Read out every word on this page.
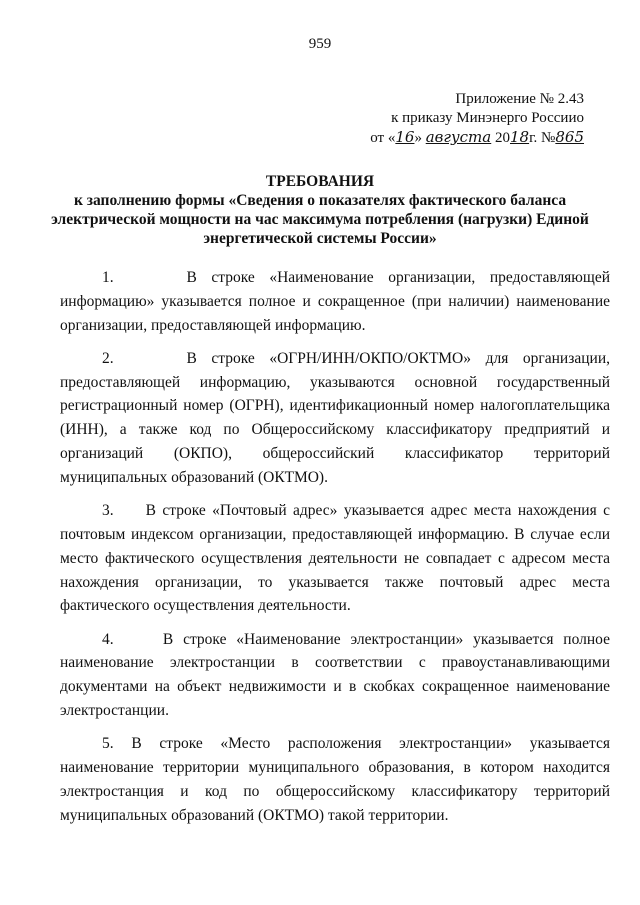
959
Приложение № 2.43
к приказу Минэнерго Россиио
от «16» августа 2018г. №865
ТРЕБОВАНИЯ
к заполнению формы «Сведения о показателях фактического баланса
электрической мощности на час максимума потребления (нагрузки) Единой
энергетической системы России»

1.     В строке «Наименование организации, предоставляющей информацию» указывается полное и сокращенное (при наличии) наименование организации, предоставляющей информацию.

2.     В строке «ОГРН/ИНН/ОКПО/ОКТМО» для организации, предоставляющей информацию, указываются основной государственный регистрационный номер (ОГРН), идентификационный номер налогоплательщика (ИНН), а также код по Общероссийскому классификатору предприятий и организаций (ОКПО), общероссийский классификатор территорий муниципальных образований (ОКТМО).

3.     В строке «Почтовый адрес» указывается адрес места нахождения с почтовым индексом организации, предоставляющей информацию. В случае если место фактического осуществления деятельности не совпадает с адресом места нахождения организации, то указывается также почтовый адрес места фактического осуществления деятельности.

4.     В строке «Наименование электростанции» указывается полное наименование электростанции в соответствии с правоустанавливающими документами на объект недвижимости и в скобках сокращенное наименование электростанции.

5. В строке «Место расположения электростанции» указывается наименование территории муниципального образования, в котором находится электростанция и код по общероссийскому классификатору территорий муниципальных образований (ОКТМО) такой территории.
